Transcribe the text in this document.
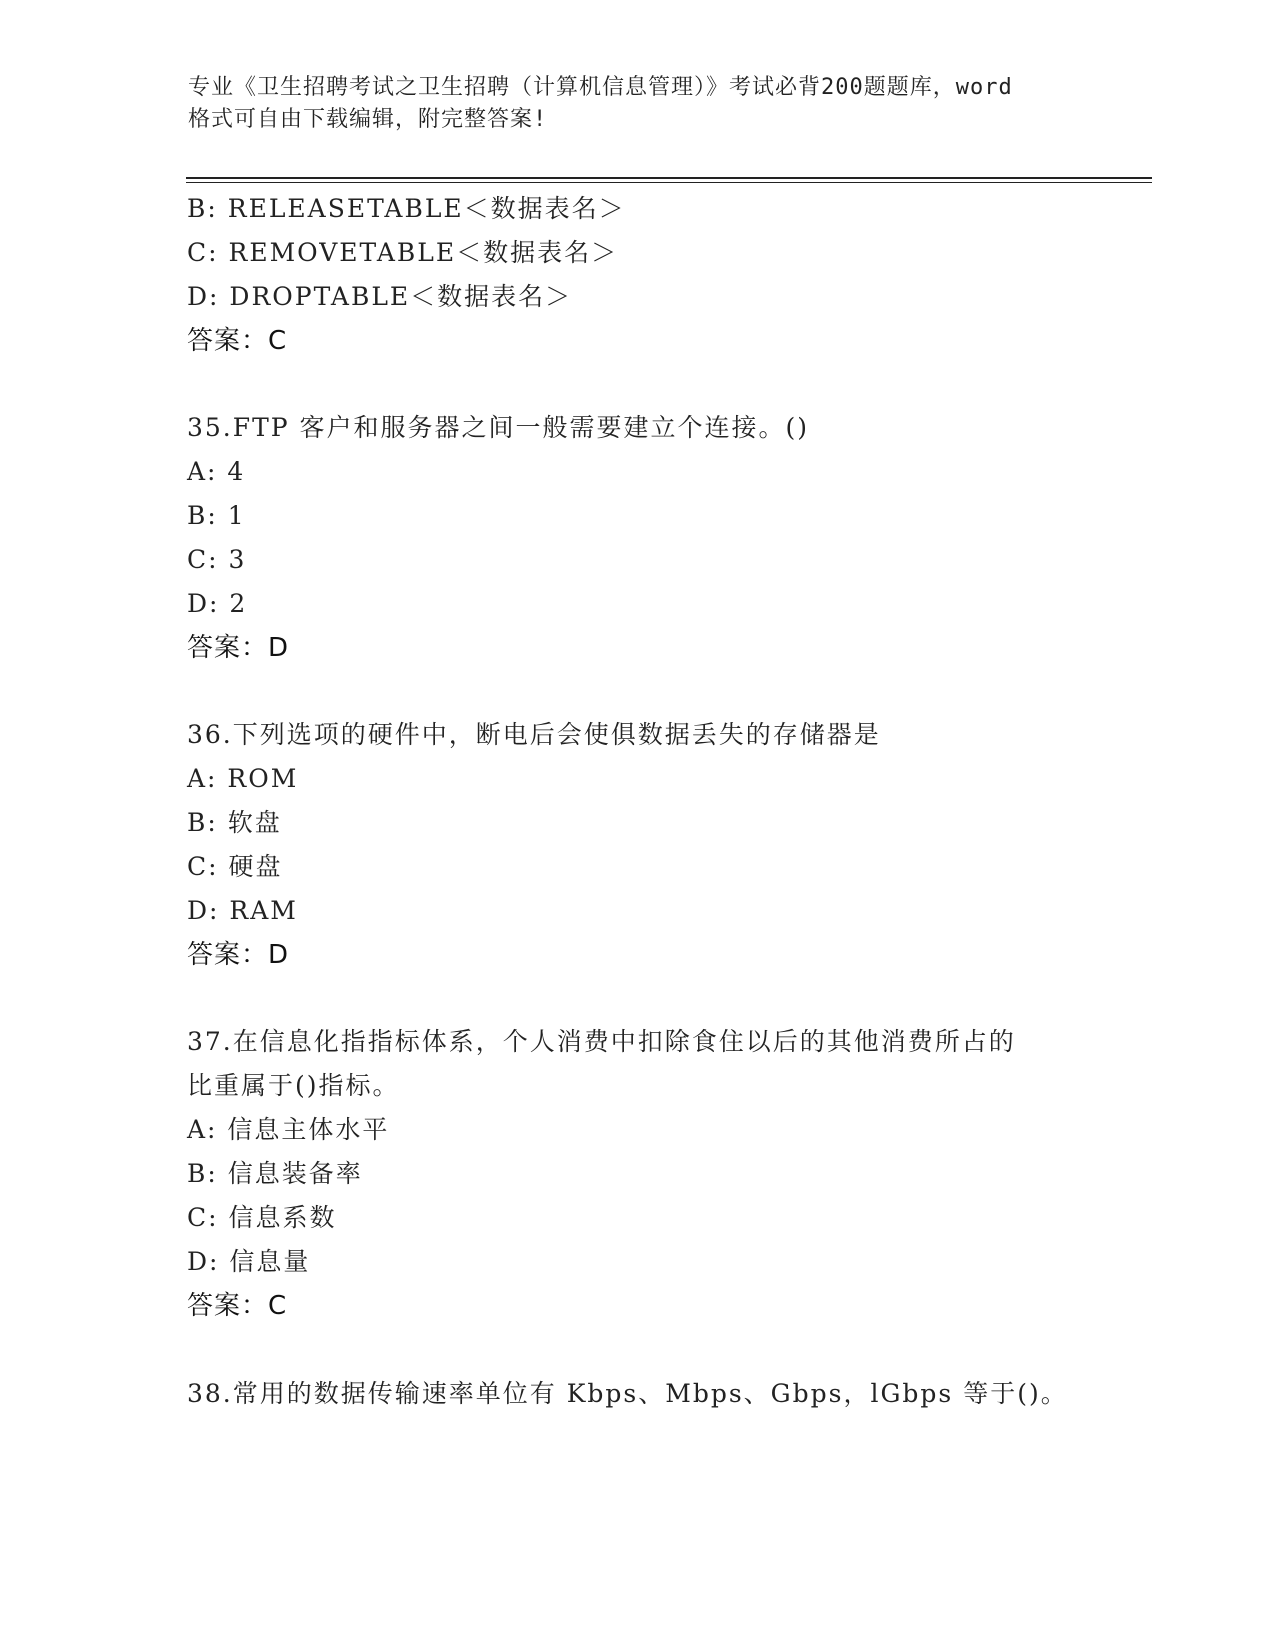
专业《卫生招聘考试之卫生招聘（计算机信息管理）》考试必背200题题库，word
格式可自由下载编辑，附完整答案!
B: RELEASETABLE＜数据表名＞
C: REMOVETABLE＜数据表名＞
D: DROPTABLE＜数据表名＞
答案：C
35.FTP 客户和服务器之间一般需要建立个连接。()
A: 4
B: 1
C: 3
D: 2
答案：D
36.下列选项的硬件中，断电后会使俱数据丢失的存储器是
A: ROM
B: 软盘
C: 硬盘
D: RAM
答案：D
37.在信息化指指标体系，个人消费中扣除食住以后的其他消费所占的
比重属于()指标。
A: 信息主体水平
B: 信息装备率
C: 信息系数
D: 信息量
答案：C
38.常用的数据传输速率单位有 Kbps、Mbps、Gbps，lGbps 等于()。
